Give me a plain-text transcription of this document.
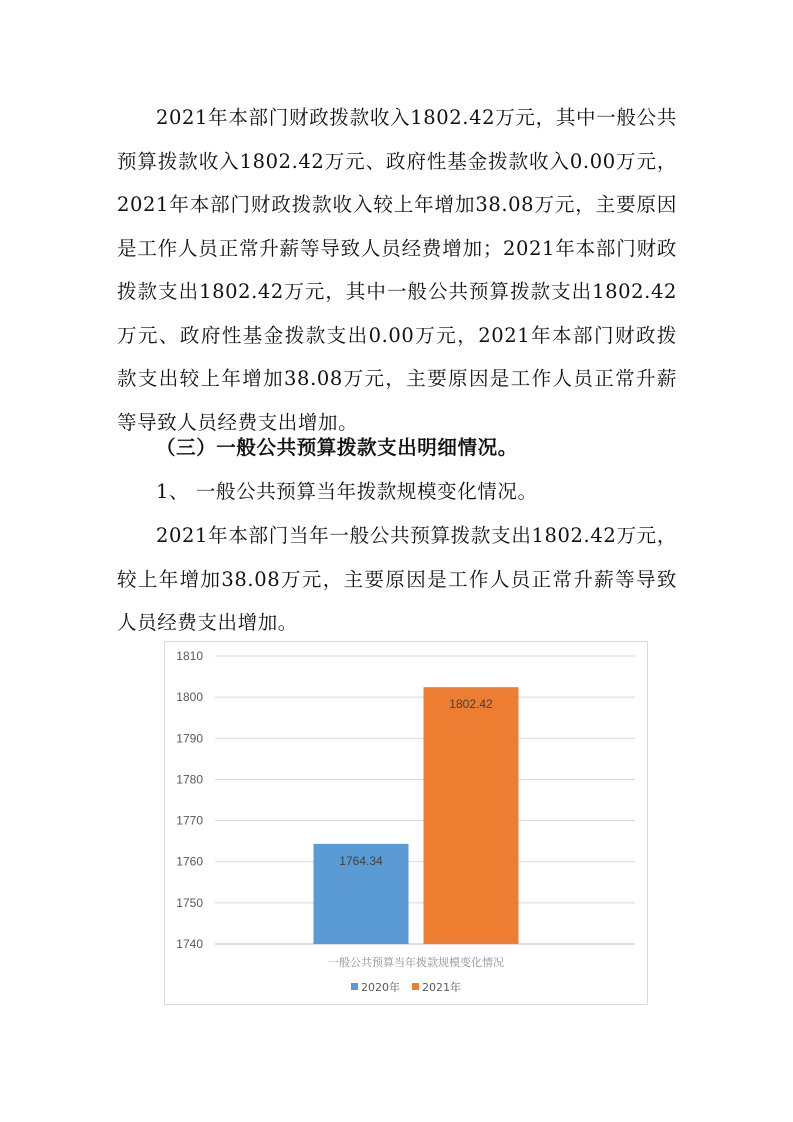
2021年本部门财政拨款收入1802.42万元，其中一般公共预算拨款收入1802.42万元、政府性基金拨款收入0.00万元，2021年本部门财政拨款收入较上年增加38.08万元，主要原因是工作人员正常升薪等导致人员经费增加；2021年本部门财政拨款支出1802.42万元，其中一般公共预算拨款支出1802.42万元、政府性基金拨款支出0.00万元，2021年本部门财政拨款支出较上年增加38.08万元，主要原因是工作人员正常升薪等导致人员经费支出增加。

（三）一般公共预算拨款支出明细情况。

1、 一般公共预算当年拨款规模变化情况。

2021年本部门当年一般公共预算拨款支出1802.42万元，较上年增加38.08万元，主要原因是工作人员正常升薪等导致人员经费支出增加。

1810
1800
1790
1780
1770
1760
1750
1740
1764.34
1802.42
一般公共预算当年拨款规模变化情况
2020年 2021年
